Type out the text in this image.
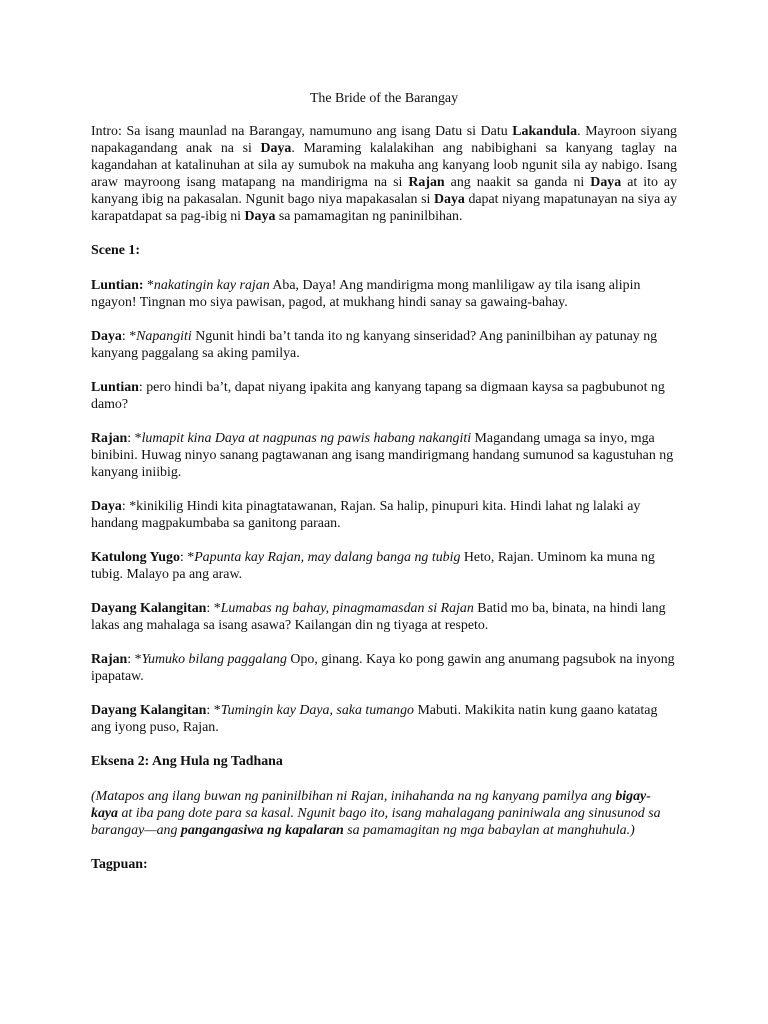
The Bride of the Barangay
Intro: Sa isang maunlad na Barangay, namumuno ang isang Datu si Datu Lakandula. Mayroon siyang napakagandang anak na si Daya. Maraming kalalakihan ang nabibighani sa kanyang taglay na kagandahan at katalinuhan at sila ay sumubok na makuha ang kanyang loob ngunit sila ay nabigo. Isang araw mayroong isang matapang na mandirigma na si Rajan ang naakit sa ganda ni Daya at ito ay kanyang ibig na pakasalan. Ngunit bago niya mapakasalan si Daya dapat niyang mapatunayan na siya ay karapatdapat sa pag-ibig ni Daya sa pamamagitan ng paninilbihan.
Scene 1:
Luntian: *nakatingin kay rajan Aba, Daya! Ang mandirigma mong manliligaw ay tila isang alipin ngayon! Tingnan mo siya pawisan, pagod, at mukhang hindi sanay sa gawaing-bahay.
Daya: *Napangiti Ngunit hindi ba’t tanda ito ng kanyang sinseridad? Ang paninilbihan ay patunay ng kanyang paggalang sa aking pamilya.
Luntian: pero hindi ba’t, dapat niyang ipakita ang kanyang tapang sa digmaan kaysa sa pagbubunot ng damo?
Rajan: *lumapit kina Daya at nagpunas ng pawis habang nakangiti Magandang umaga sa inyo, mga binibini. Huwag ninyo sanang pagtawanan ang isang mandirigmang handang sumunod sa kagustuhan ng kanyang iniibig.
Daya: *kinikilig Hindi kita pinagtatawanan, Rajan. Sa halip, pinupuri kita. Hindi lahat ng lalaki ay handang magpakumbaba sa ganitong paraan.
Katulong Yugo: *Papunta kay Rajan, may dalang banga ng tubig Heto, Rajan. Uminom ka muna ng tubig. Malayo pa ang araw.
Dayang Kalangitan: *Lumabas ng bahay, pinagmamasdan si Rajan Batid mo ba, binata, na hindi lang lakas ang mahalaga sa isang asawa? Kailangan din ng tiyaga at respeto.
Rajan: *Yumuko bilang paggalang Opo, ginang. Kaya ko pong gawin ang anumang pagsubok na inyong ipapataw.
Dayang Kalangitan: *Tumingin kay Daya, saka tumango Mabuti. Makikita natin kung gaano katatag ang iyong puso, Rajan.
Eksena 2: Ang Hula ng Tadhana
(Matapos ang ilang buwan ng paninilbihan ni Rajan, inihahanda na ng kanyang pamilya ang bigay-kaya at iba pang dote para sa kasal. Ngunit bago ito, isang mahalagang paniniwala ang sinusunod sa barangay—ang pangangasiwa ng kapalaran sa pamamagitan ng mga babaylan at manghuhula.)
Tagpuan:
